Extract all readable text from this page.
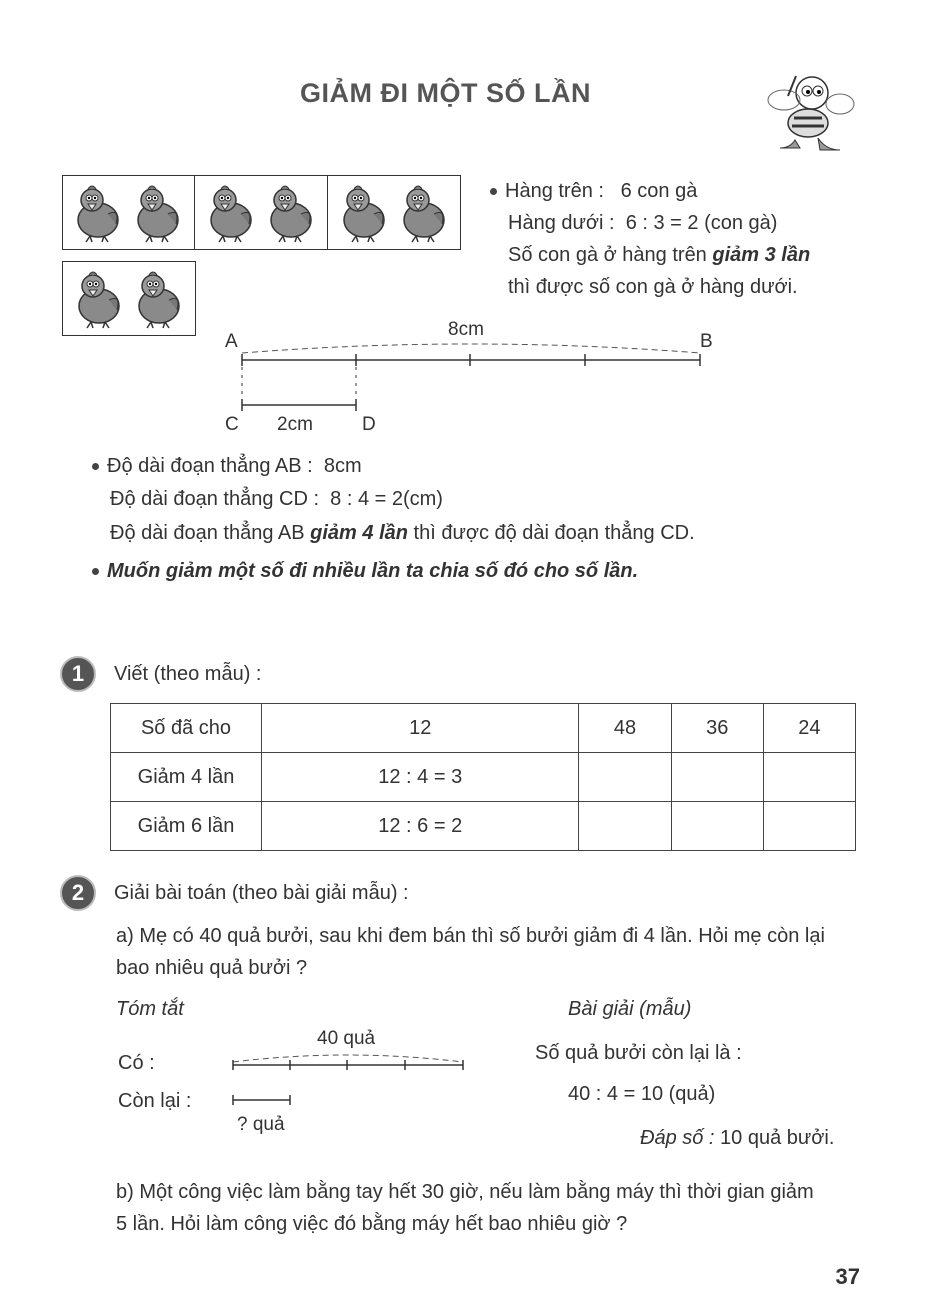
GIẢM ĐI MỘT SỐ LẦN
Hàng trên : 6 con gà
Hàng dưới : 6 : 3 = 2 (con gà)
Số con gà ở hàng trên giảm 3 lần
thì được số con gà ở hàng dưới.
8cm
A	B
C 2cm	D
Độ dài đoạn thẳng AB : 8cm
Độ dài đoạn thẳng CD : 8 : 4 = 2(cm)
Độ dài đoạn thẳng AB giảm 4 lần thì được độ dài đoạn thẳng CD.
Muốn giảm một số đi nhiều lần ta chia số đó cho số lần.
1	Viết (theo mẫu) :
Số đã cho	12	48	36	24
Giảm 4 lần	12 : 4 = 3			
Giảm 6 lần	12 : 6 = 2			
2	Giải bài toán (theo bài giải mẫu) :
a) Mẹ có 40 quả bưởi, sau khi đem bán thì số bưởi giảm đi 4 lần. Hỏi mẹ còn lại
bao nhiêu quả bưởi ?
Tóm tắt	Bài giải (mẫu)
Có :
Còn lại :
40 quả
? quả
Số quả bưởi còn lại là :
40 : 4 = 10 (quả)
Đáp số : 10 quả bưởi.
b) Một công việc làm bằng tay hết 30 giờ, nếu làm bằng máy thì thời gian giảm
5 lần. Hỏi làm công việc đó bằng máy hết bao nhiêu giờ ?
37
